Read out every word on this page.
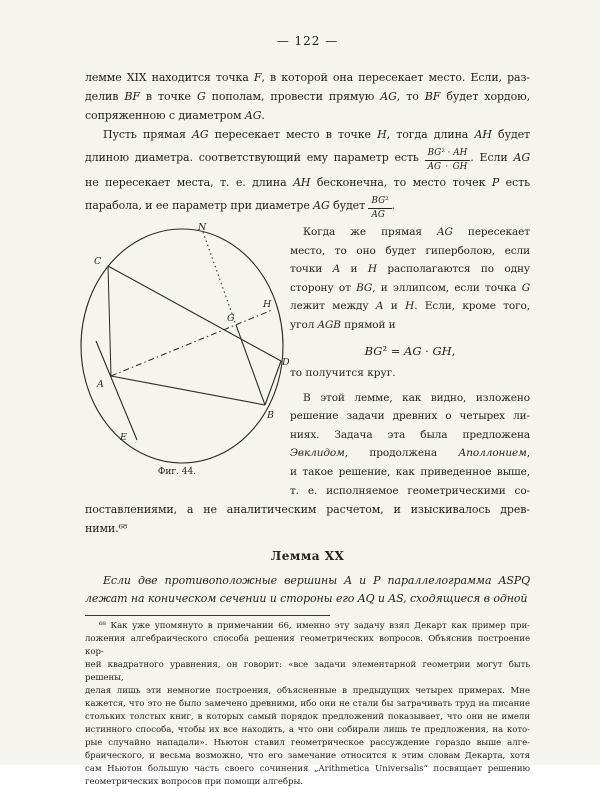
— 122 —
лемме XIX находится точка F, в которой она пересекает место. Если, раз-
делив BF в точке G пополам, провести прямую AG, то BF будет хордою,
сопряженною с диаметром AG.
Пусть прямая AG пересекает место в точке H, тогда длина AH будет
длиною диаметра. соответствующий ему параметр есть $\frac{\text{BG² · AH}}{AG \cdot GH}$ . Если AG
не пересекает места, т. е. длина AH бесконечна, то место точек P есть
парабола, и ее параметр при диаметре AG будет $\frac{\text{BG²}}{AG}$ .
N
C
A
B
D
H
G
E
Фиг. 44.
Когда же прямая AG пересекает
место, то оно будет гиперболою, если
точки A и H располагаются по одну
сторону от BG, и эллипсом, если точка G
лежит между A и H. Если, кроме того,
угол AGB прямой и
BG² = AG · GH,
то получится круг.
В этой лемме, как видно, изложено
решение задачи древних о четырех ли-
ниях. Задача эта была предложена
Эвклидом, продолжена Аполлонием,
и такое решение, как приведенное выше,
т. е. исполняемое геометрическими со-
поставлениями, а не аналитическим расчетом, и изыскивалось древ-
ними.⁶⁸
Лемма XX
Если две противоположные вершины A и P параллелограмма ASPQ
лежат на коническом сечении и стороны его AQ и AS, сходящиеся в одной
⁶⁸ Как уже упомянуто в примечании 66, именно эту задачу взял Декарт как пример при-
ложения алгебраического способа решения геометрических вопросов. Объяснив построение кор-
ней квадратного уравнения, он говорит: «все задачи элементарной геометрии могут быть решены,
делая лишь эти немногие построения, объясненные в предыдущих четырех примерах. Мне
кажется, что это не было замечено древними, ибо они не стали бы затрачивать труд на писание
стольких толстых книг, в которых самый порядок предложений показывает, что они не имели
истинного способа, чтобы их все находить, а что они собирали лишь те предложения, на кото-
рые случайно нападали». Ньютон ставил геометрическое рассуждение гораздо выше алге-
браического, и весьма возможно, что его замечание относится к этим словам Декарта, хотя
сам Ньютон большую часть своего сочинения „Arithmetica Universalis“ посвящает решению
геометрических вопросов при помощи алгебры.
